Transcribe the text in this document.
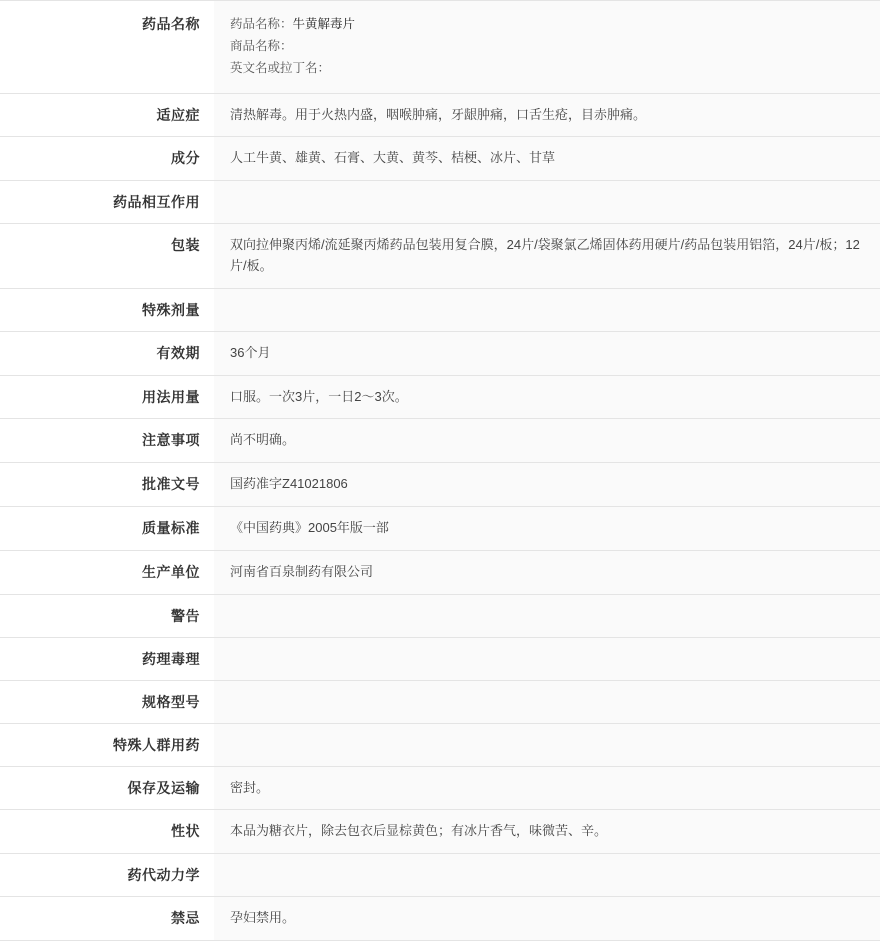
药品名称	药品名称：牛黄解毒片
商品名称：
英文名或拉丁名：

适应症	清热解毒。用于火热内盛，咽喉肿痛，牙龈肿痛，口舌生疮，目赤肿痛。

成分	人工牛黄、雄黄、石膏、大黄、黄芩、桔梗、冰片、甘草

药品相互作用	

包装	双向拉伸聚丙烯/流延聚丙烯药品包装用复合膜，24片/袋聚氯乙烯固体药用硬片/药品包装用铝箔，24片/板；12片/板。

特殊剂量	

有效期	36个月

用法用量	口服。一次3片，一日2～3次。

注意事项	尚不明确。

批准文号	国药准字Z41021806

质量标准	《中国药典》2005年版一部

生产单位	河南省百泉制药有限公司

警告	

药理毒理	

规格型号	

特殊人群用药	

保存及运输	密封。

性状	本品为糖衣片，除去包衣后显棕黄色；有冰片香气，味微苦、辛。

药代动力学	

禁忌	孕妇禁用。
